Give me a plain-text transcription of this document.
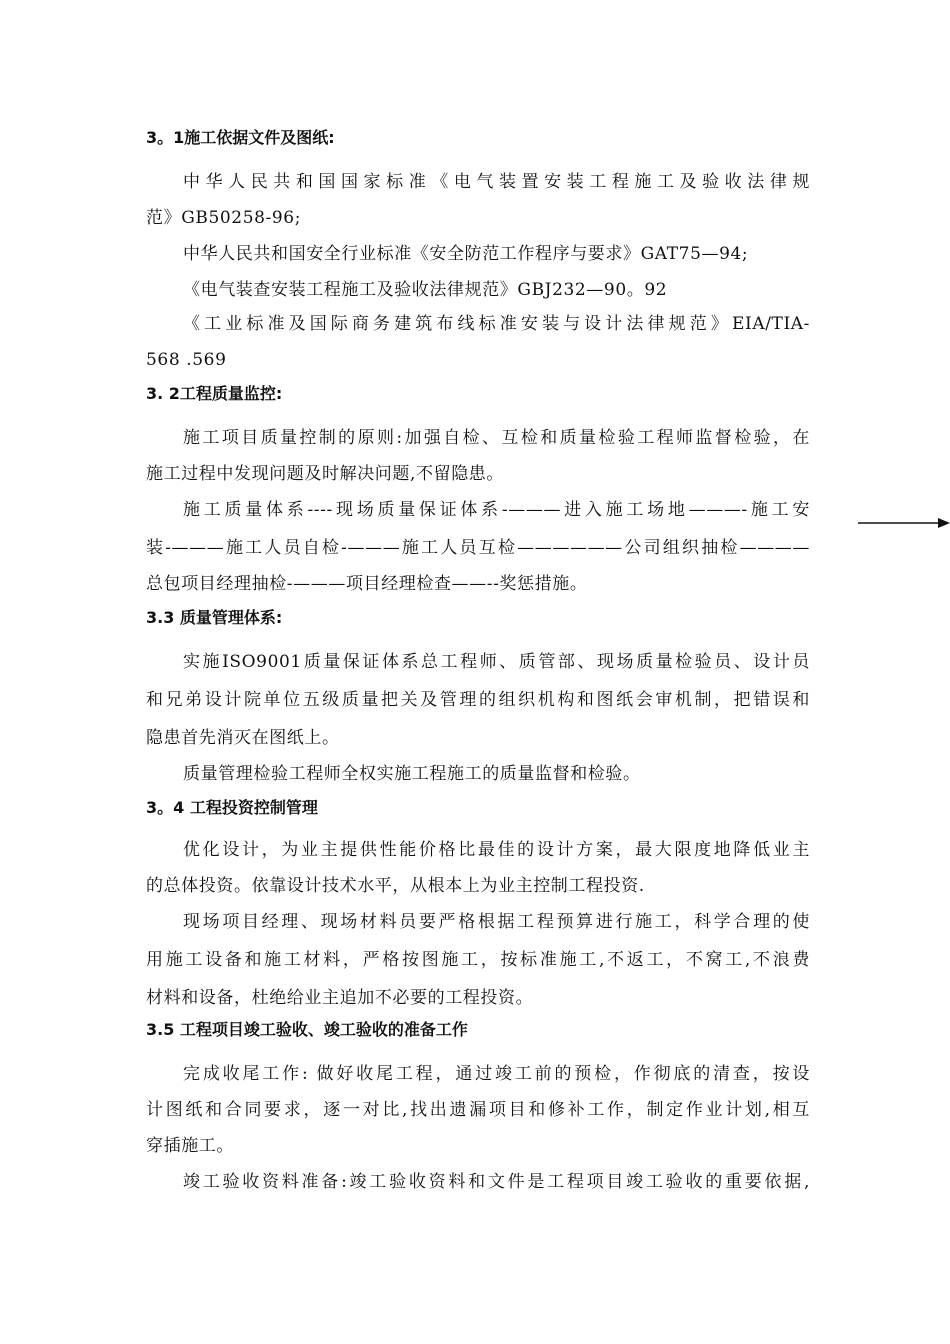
3。1施工依据文件及图纸:
中华人民共和国国家标准《电气装置安装工程施工及验收法律规
范》GB50258-96;
中华人民共和国安全行业标准《安全防范工作程序与要求》GAT75—94;
《电气装查安装工程施工及验收法律规范》GBJ232—90。92
《工业标准及国际商务建筑布线标准安装与设计法律规范》EIA/TIA-
568 .569
3. 2工程质量监控:
施工项目质量控制的原则:加强自检、互检和质量检验工程师监督检验，在
施工过程中发现问题及时解决问题,不留隐患。
施工质量体系----现场质量保证体系-———进入施工场地———-施工安
装-———施工人员自检-———施工人员互检——————公司组织抽检————
总包项目经理抽检-———项目经理检查——--奖惩措施。
3.3 质量管理体系:
实施ISO9001质量保证体系总工程师、质管部、现场质量检验员、设计员
和兄弟设计院单位五级质量把关及管理的组织机构和图纸会审机制，把错误和
隐患首先消灭在图纸上。
质量管理检验工程师全权实施工程施工的质量监督和检验。
3。4 工程投资控制管理
优化设计，为业主提供性能价格比最佳的设计方案，最大限度地降低业主
的总体投资。依靠设计技术水平，从根本上为业主控制工程投资.
现场项目经理、现场材料员要严格根据工程预算进行施工，科学合理的使
用施工设备和施工材料，严格按图施工，按标准施工,不返工，不窝工,不浪费
材料和设备，杜绝给业主追加不必要的工程投资。
3.5 工程项目竣工验收、竣工验收的准备工作
完成收尾工作: 做好收尾工程，通过竣工前的预检，作彻底的清查，按设
计图纸和合同要求，逐一对比,找出遗漏项目和修补工作，制定作业计划,相互
穿插施工。
竣工验收资料准备:竣工验收资料和文件是工程项目竣工验收的重要依据,
